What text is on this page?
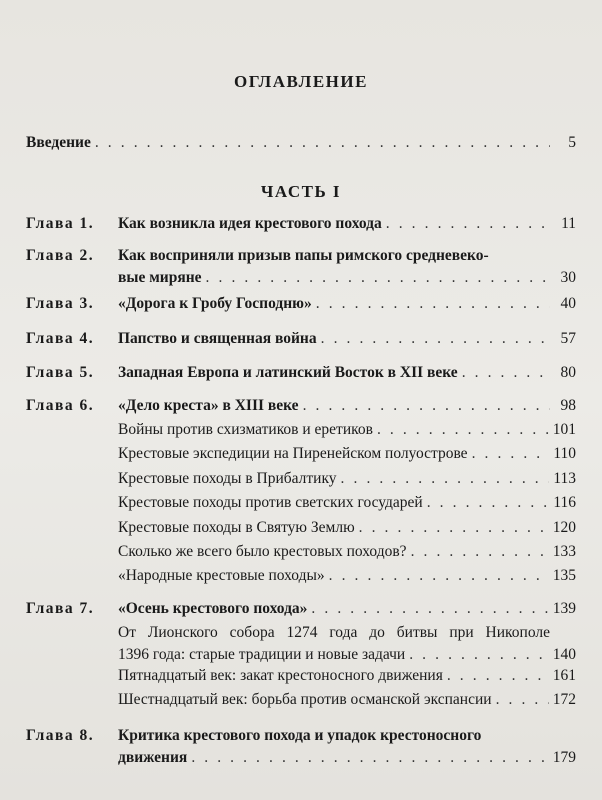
ОГЛАВЛЕНИЕ
Введение . . .	5
ЧАСТЬ I
Глава 1. Как возникла идея крестового похода . . .	11
Глава 2.	Как восприняли призыв папы римского средневеко-
вые миряне . . .	30
Глава 3. «Дорога к Гробу Господню» . . .	40
Глава 4. Папство и священная война . . .	57
Глава 5. Западная Европа и латинский Восток в XII веке . . .	80
Глава 6. «Дело креста» в XIII веке . . .	98
Войны против схизматиков и еретиков . . .	101
Крестовые экспедиции на Пиренейском полуострове . . .	110
Крестовые походы в Прибалтику . . .	113
Крестовые походы против светских государей . . .	116
Крестовые походы в Святую Землю . . .	120
Сколько же всего было крестовых походов? . . .	133
«Народные крестовые походы» . . .	135
Глава 7. «Осень крестового похода» . . .	139
От Лионского собора 1274 года до битвы при Никополе
1396 года: старые традиции и новые задачи . . .	140
Пятнадцатый век: закат крестоносного движения . . .	161
Шестнадцатый век: борьба против османской экспансии . . .	172
Глава 8.	Критика крестового похода и упадок крестоносного
движения . . .	179
